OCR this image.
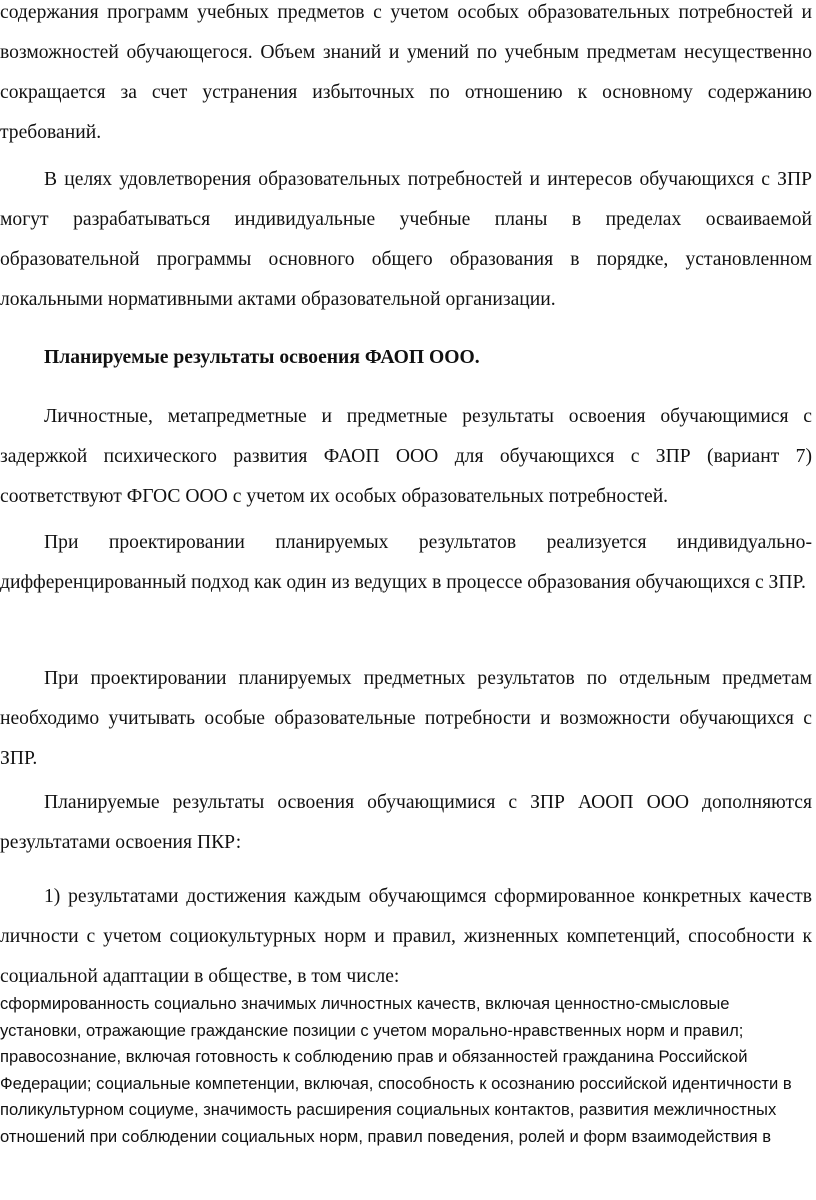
содержания программ учебных предметов с учетом особых образовательных потребностей и возможностей обучающегося. Объем знаний и умений по учебным предметам несущественно сокращается за счет устранения избыточных по отношению к основному содержанию требований.

В целях удовлетворения образовательных потребностей и интересов обучающихся с ЗПР могут разрабатываться индивидуальные учебные планы в пределах осваиваемой образовательной программы основного общего образования в порядке, установленном локальными нормативными актами образовательной организации.

Планируемые результаты освоения ФАОП ООО.

Личностные, метапредметные и предметные результаты освоения обучающимися с задержкой психического развития ФАОП ООО для обучающихся с ЗПР (вариант 7) соответствуют ФГОС ООО с учетом их особых образовательных потребностей.

При проектировании планируемых результатов реализуется индивидуально-дифференцированный подход как один из ведущих в процессе образования обучающихся с ЗПР.

При проектировании планируемых предметных результатов по отдельным предметам необходимо учитывать особые образовательные потребности и возможности обучающихся с ЗПР.

Планируемые результаты освоения обучающимися с ЗПР АООП ООО дополняются результатами освоения ПКР:

1) результатами достижения каждым обучающимся сформированное конкретных качеств личности с учетом социокультурных норм и правил, жизненных компетенций, способности к социальной адаптации в обществе, в том числе:

сформированность социально значимых личностных качеств, включая ценностно-смысловые установки, отражающие гражданские позиции с учетом морально-нравственных норм и правил; правосознание, включая готовность к соблюдению прав и обязанностей гражданина Российской Федерации; социальные компетенции, включая, способность к осознанию российской идентичности в поликультурном социуме, значимость расширения социальных контактов, развития межличностных отношений при соблюдении социальных норм, правил поведения, ролей и форм взаимодействия в
